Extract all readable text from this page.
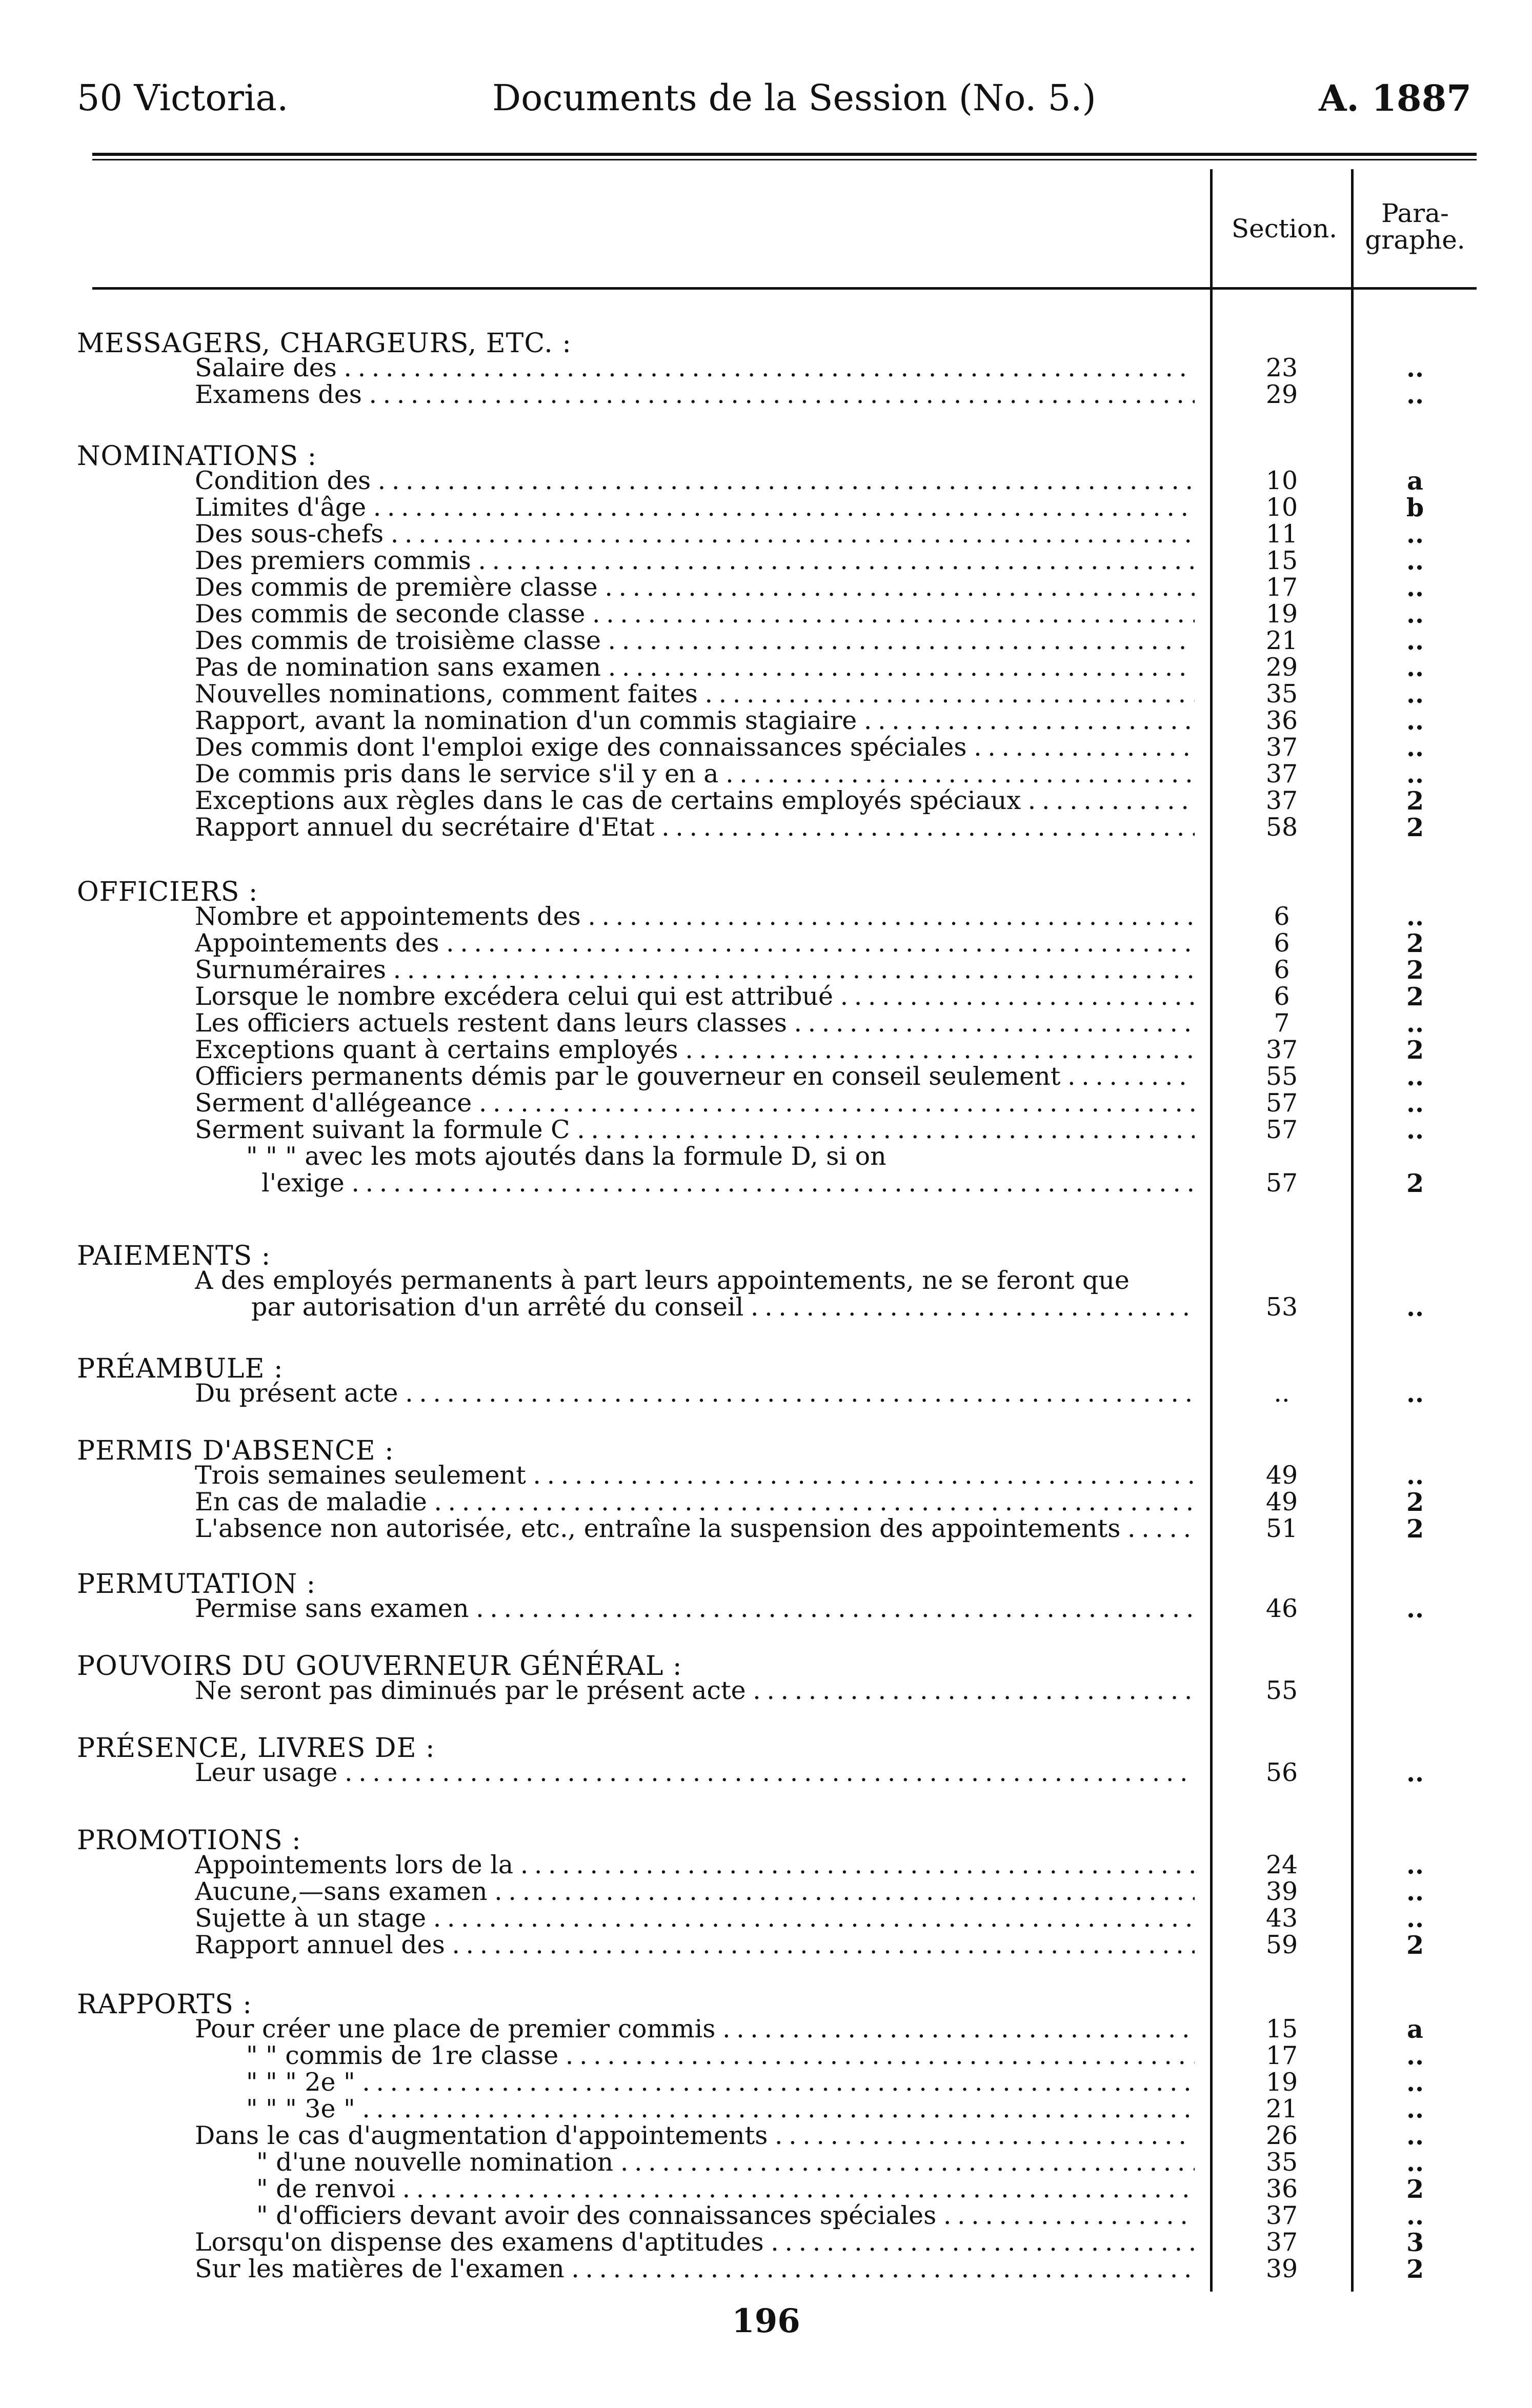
50 Victoria.	Documents de la Session (No. 5.)	A. 1887
Section.
Para-
graphe.
MESSAGERS, CHARGEURS, ETC. :
Salaire des . . .	23	..
Examens des . . .	29	..
NOMINATIONS :
Condition des . . .	10	a
Limites d'âge . . .	10	b
Des sous-chefs . . .	11	..
Des premiers commis . . .	15	..
Des commis de première classe . . .	17	..
Des commis de seconde classe . . .	19	..
Des commis de troisième classe . . .	21	..
Pas de nomination sans examen . . .	29	..
Nouvelles nominations, comment faites . . .	35	..
Rapport, avant la nomination d'un commis stagiaire . . .	36	..
Des commis dont l'emploi exige des connaissances spéciales . . .	37	..
De commis pris dans le service s'il y en a . . .	37	..
Exceptions aux règles dans le cas de certains employés spéciaux . . .	37	2
Rapport annuel du secrétaire d'Etat . . .	58	2
OFFICIERS :
Nombre et appointements des . . .	6	..
Appointements des . . .	6	2
Surnuméraires . . .	6	2
Lorsque le nombre excédera celui qui est attribué . . .	6	2
Les officiers actuels restent dans leurs classes . . .	7	..
Exceptions quant à certains employés . . .	37	2
Officiers permanents démis par le gouverneur en conseil seulement . . .	55	..
Serment d'allégeance . . .	57	..
Serment suivant la formule C . . .	57	..
" " " avec les mots ajoutés dans la formule D, si on
l'exige . . .	57	2
PAIEMENTS :
A des employés permanents à part leurs appointements, ne se feront que
par autorisation d'un arrêté du conseil . . .	53	..
PRÉAMBULE :
Du présent acte . . .	..	..
PERMIS D'ABSENCE :
Trois semaines seulement . . .	49	..
En cas de maladie . . .	49	2
L'absence non autorisée, etc., entraîne la suspension des appointements . . .	51	2
PERMUTATION :
Permise sans examen . . .	46	..
POUVOIRS DU GOUVERNEUR GÉNÉRAL :
Ne seront pas diminués par le présent acte . . .	55
PRÉSENCE, LIVRES DE :
Leur usage . . .	56	..
PROMOTIONS :
Appointements lors de la . . .	24	..
Aucune,—sans examen . . .	39	..
Sujette à un stage . . .	43	..
Rapport annuel des . . .	59	2
RAPPORTS :
Pour créer une place de premier commis . . .	15	a
" " commis de 1re classe . . .	17	..
" " " 2e " . . .	19	..
" " " 3e " . . .	21	..
Dans le cas d'augmentation d'appointements . . .	26	..
" d'une nouvelle nomination . . .	35	..
" de renvoi . . .	36	2
" d'officiers devant avoir des connaissances spéciales . . .	37	..
Lorsqu'on dispense des examens d'aptitudes . . .	37	3
Sur les matières de l'examen . . .	39	2
196
